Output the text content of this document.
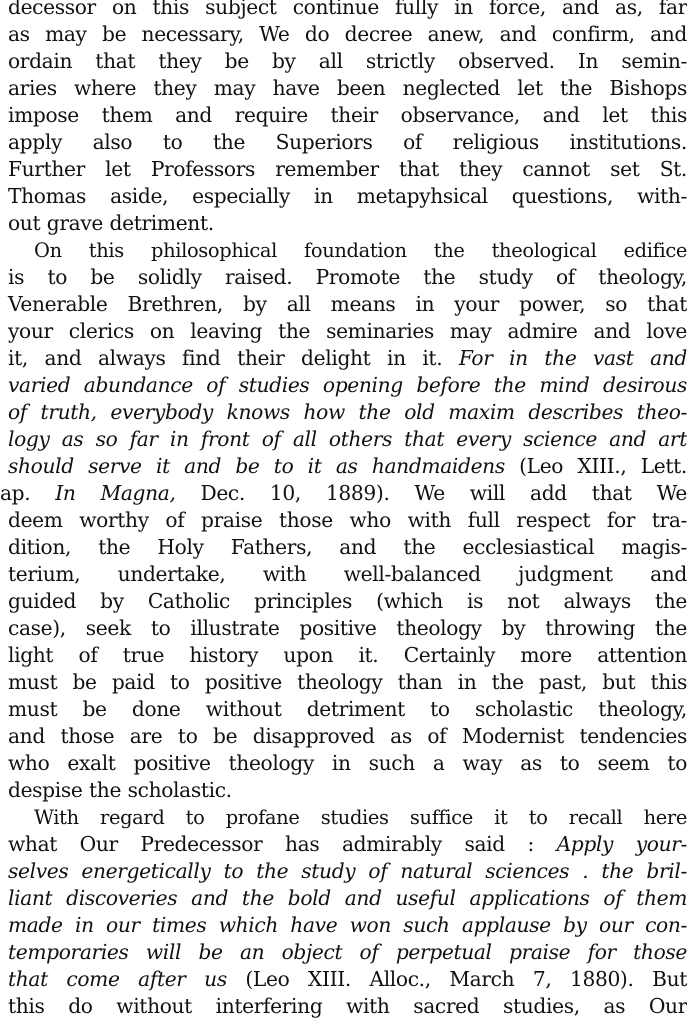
decessor on this subject continue fully in force, and as, far
as may be necessary, We do decree anew, and confirm, and
ordain that they be by all strictly observed. In semin-
aries where they may have been neglected let the Bishops
impose them and require their observance, and let this
apply also to the Superiors of religious institutions.
Further let Professors remember that they cannot set St.
Thomas aside, especially in metapyhsical questions, with-
out grave detriment.
On this philosophical foundation the theological edifice
is to be solidly raised. Promote the study of theology,
Venerable Brethren, by all means in your power, so that
your clerics on leaving the seminaries may admire and love
it, and always find their delight in it. For in the vast and
varied abundance of studies opening before the mind desirous
of truth, everybody knows how the old maxim describes theo-
logy as so far in front of all others that every science and art
should serve it and be to it as handmaidens (Leo XIII., Lett.
ap. In Magna, Dec. 10, 1889). We will add that We
deem worthy of praise those who with full respect for tra-
dition, the Holy Fathers, and the ecclesiastical magis-
terium, undertake, with well-balanced judgment and
guided by Catholic principles (which is not always the
case), seek to illustrate positive theology by throwing the
light of true history upon it. Certainly more attention
must be paid to positive theology than in the past, but this
must be done without detriment to scholastic theology,
and those are to be disapproved as of Modernist tendencies
who exalt positive theology in such a way as to seem to
despise the scholastic.
With regard to profane studies suffice it to recall here
what Our Predecessor has admirably said : Apply your-
selves energetically to the study of natural sciences . the bril-
liant discoveries and the bold and useful applications of them
made in our times which have won such applause by our con-
temporaries will be an object of perpetual praise for those
that come after us (Leo XIII. Alloc., March 7, 1880). But
this do without interfering with sacred studies, as Our
